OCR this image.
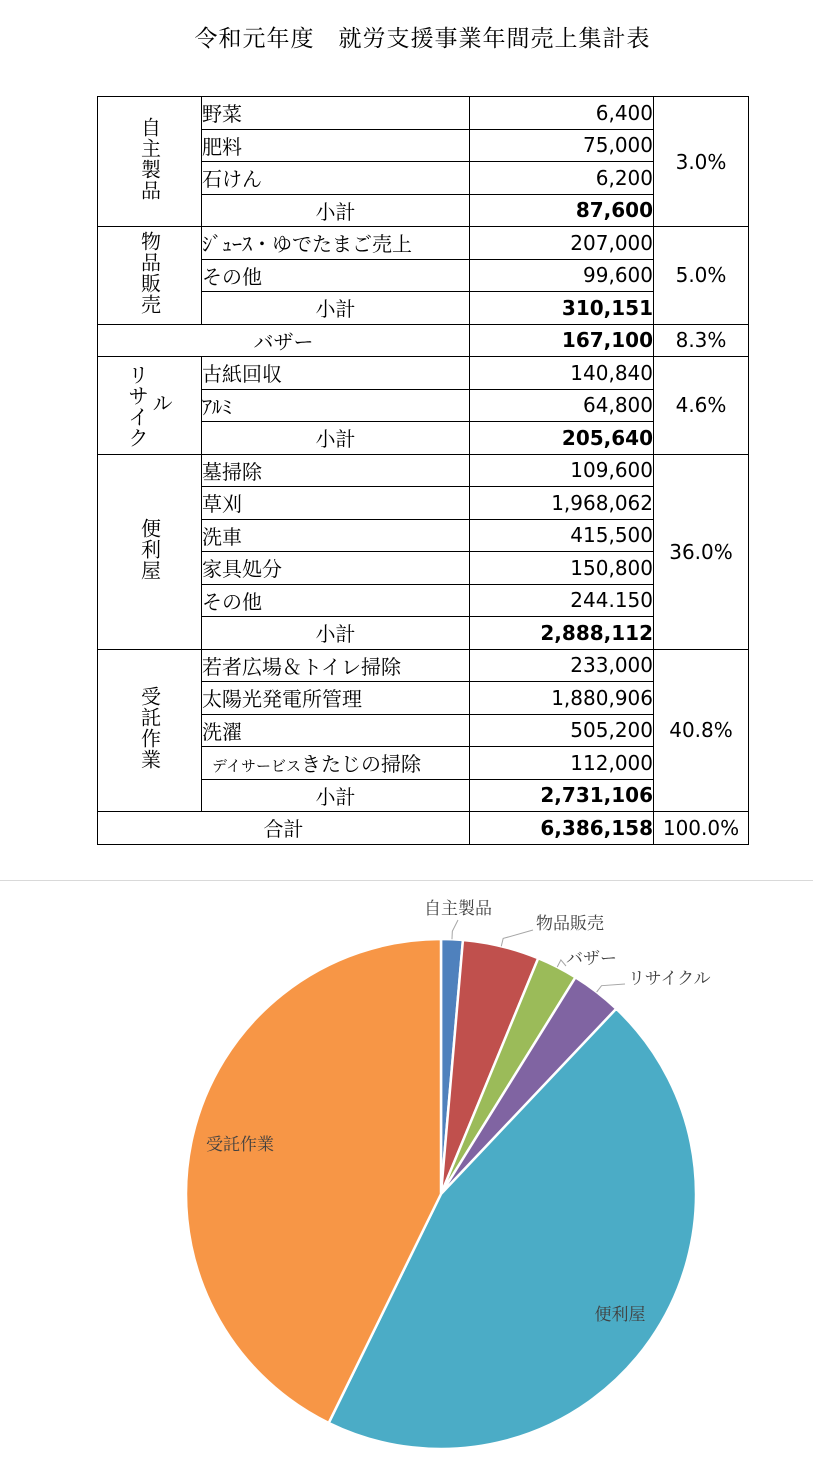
令和元年度　就労支援事業年間売上集計表
自主製品	野菜	6,400	3.0%
	肥料	75,000	
	石けん	6,200	
	小計	87,600	
物品販売	ｼﾞｭｰｽ・ゆでたまご売上	207,000	5.0%
	その他	99,600	
	小計	310,151	
バザー		167,100	8.3%
リサイクル	古紙回収	140,840	4.6%
	ｱﾙﾐ	64,800	
	小計	205,640	
便利屋	墓掃除	109,600	36.0%
	草刈	1,968,062	
	洗車	415,500	
	家具処分	150,800	
	その他	244.150	
	小計	2,888,112	
受託作業	若者広場＆トイレ掃除	233,000	40.8%
	太陽光発電所管理	1,880,906	
	洗濯	505,200	
	デイサービスきたじの掃除	112,000	
	小計	2,731,106	
合計		6,386,158	100.0%
自主製品
物品販売
バザー
リサイクル
便利屋
受託作業
